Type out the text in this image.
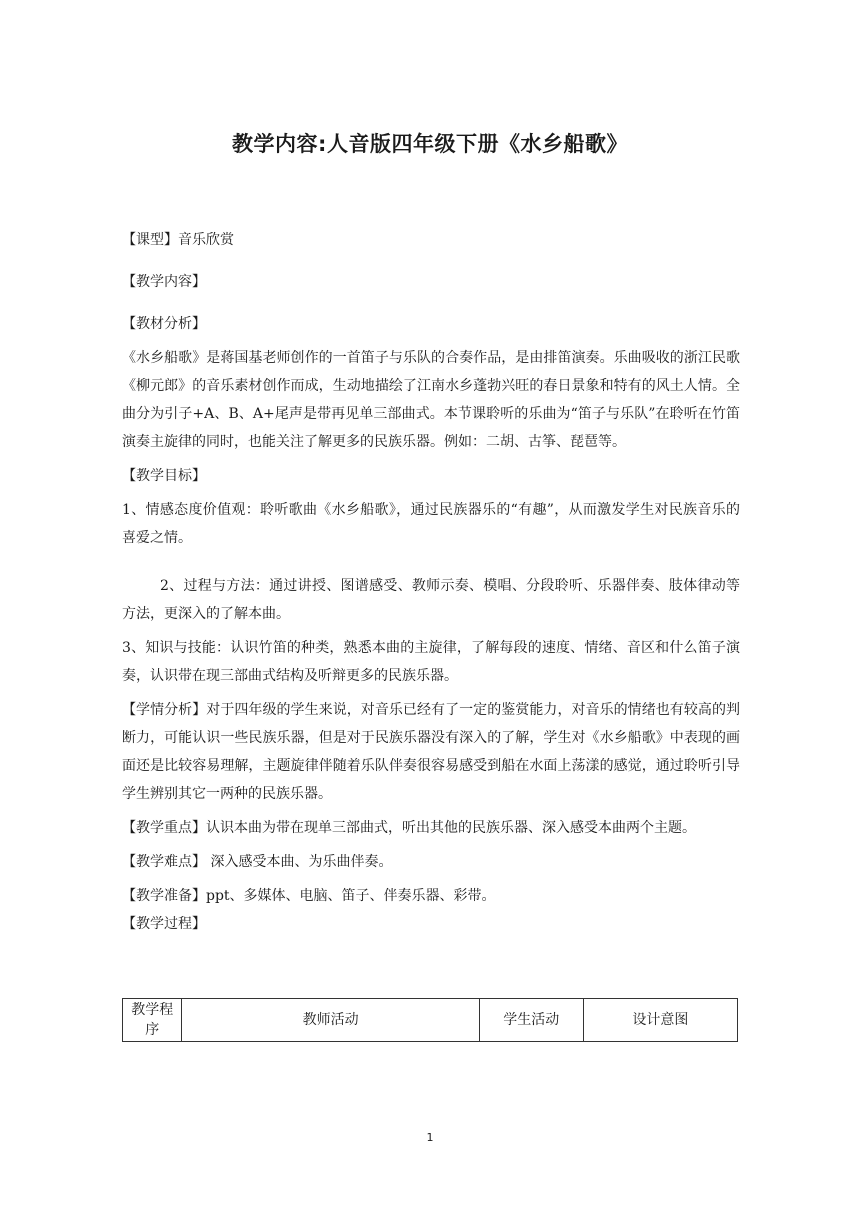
教学内容:人音版四年级下册《水乡船歌》
【课型】音乐欣赏
【教学内容】
【教材分析】
《水乡船歌》是蒋国基老师创作的一首笛子与乐队的合奏作品，是由排笛演奏。乐曲吸收的浙江民歌《柳元郎》的音乐素材创作而成，生动地描绘了江南水乡蓬勃兴旺的春日景象和特有的风土人情。全曲分为引子+A、B、A+尾声是带再见单三部曲式。本节课聆听的乐曲为“笛子与乐队”在聆听在竹笛演奏主旋律的同时，也能关注了解更多的民族乐器。例如：二胡、古筝、琵琶等。
【教学目标】
1、情感态度价值观：聆听歌曲《水乡船歌》，通过民族器乐的“有趣”，从而激发学生对民族音乐的喜爱之情。
2、过程与方法：通过讲授、图谱感受、教师示奏、模唱、分段聆听、乐器伴奏、肢体律动等方法，更深入的了解本曲。
3、知识与技能：认识竹笛的种类，熟悉本曲的主旋律，了解每段的速度、情绪、音区和什么笛子演奏，认识带在现三部曲式结构及听辩更多的民族乐器。
【学情分析】对于四年级的学生来说，对音乐已经有了一定的鉴赏能力，对音乐的情绪也有较高的判断力，可能认识一些民族乐器，但是对于民族乐器没有深入的了解，学生对《水乡船歌》中表现的画面还是比较容易理解，主题旋律伴随着乐队伴奏很容易感受到船在水面上荡漾的感觉，通过聆听引导学生辨别其它一两种的民族乐器。
【教学重点】认识本曲为带在现单三部曲式，听出其他的民族乐器、深入感受本曲两个主题。
【教学难点】 深入感受本曲、为乐曲伴奏。
【教学准备】ppt、多媒体、电脑、笛子、伴奏乐器、彩带。
【教学过程】
教学程序	教师活动	学生活动	设计意图
1
